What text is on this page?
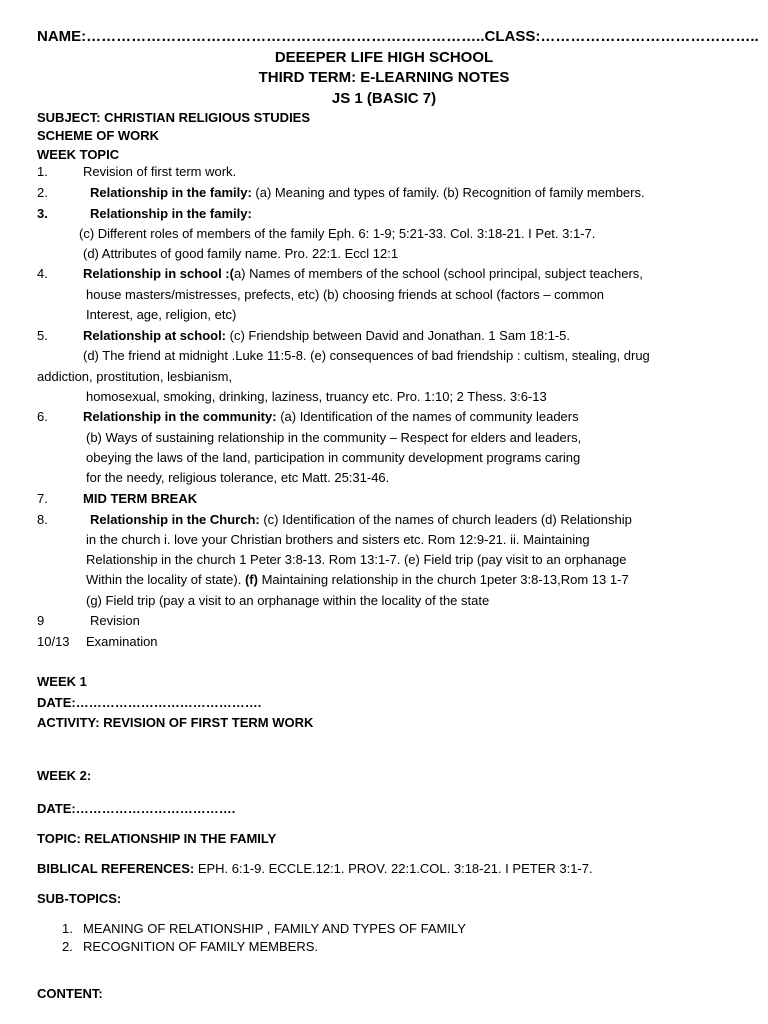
NAME:……………………………………………………………………..CLASS:……………………………………..
DEEEPER LIFE HIGH SCHOOL
THIRD TERM: E-LEARNING NOTES
JS 1 (BASIC 7)
SUBJECT: CHRISTIAN RELIGIOUS STUDIES
SCHEME OF WORK
WEEK TOPIC
1.	Revision of first term work.
2.	Relationship in the family: (a) Meaning and types of family. (b) Recognition of family members.
3.	Relationship in the family:
(c) Different roles of members of the family Eph. 6: 1-9; 5:21-33. Col. 3:18-21. I Pet. 3:1-7.
(d) Attributes of good family name. Pro. 22:1. Eccl 12:1
4.	Relationship in school :(a) Names of members of the school (school principal, subject teachers,
house masters/mistresses, prefects, etc) (b) choosing friends at school (factors – common
Interest, age, religion, etc)
5.	Relationship at school: (c) Friendship between David and Jonathan. 1 Sam 18:1-5.
(d) The friend at midnight .Luke 11:5-8. (e) consequences of bad friendship : cultism, stealing, drug
addiction, prostitution, lesbianism,
homosexual, smoking, drinking, laziness, truancy etc. Pro. 1:10; 2 Thess. 3:6-13
6.	Relationship in the community: (a) Identification of the names of community leaders
(b) Ways of sustaining relationship in the community – Respect for elders and leaders,
obeying the laws of the land, participation in community development programs caring
for the needy, religious tolerance, etc Matt. 25:31-46.
7.	MID TERM BREAK
8.	Relationship in the Church: (c) Identification of the names of church leaders (d) Relationship
in the church i. love your Christian brothers and sisters etc. Rom 12:9-21. ii. Maintaining
Relationship in the church 1 Peter 3:8-13. Rom 13:1-7. (e) Field trip (pay visit to an orphanage
Within the locality of state). (f) Maintaining relationship in the church 1peter 3:8-13,Rom 13 1-7
(g) Field trip (pay a visit to an orphanage within the locality of the state
9	Revision
10/13 Examination
WEEK 1
DATE:…………………………………….
ACTIVITY: REVISION OF FIRST TERM WORK
WEEK 2:
DATE:……………………………….
TOPIC: RELATIONSHIP IN THE FAMILY
BIBLICAL REFERENCES: EPH. 6:1-9. ECCLE.12:1. PROV. 22:1.COL. 3:18-21. I PETER 3:1-7.
SUB-TOPICS:
1. MEANING OF RELATIONSHIP , FAMILY AND TYPES OF FAMILY
2. RECOGNITION OF FAMILY MEMBERS.
CONTENT:
